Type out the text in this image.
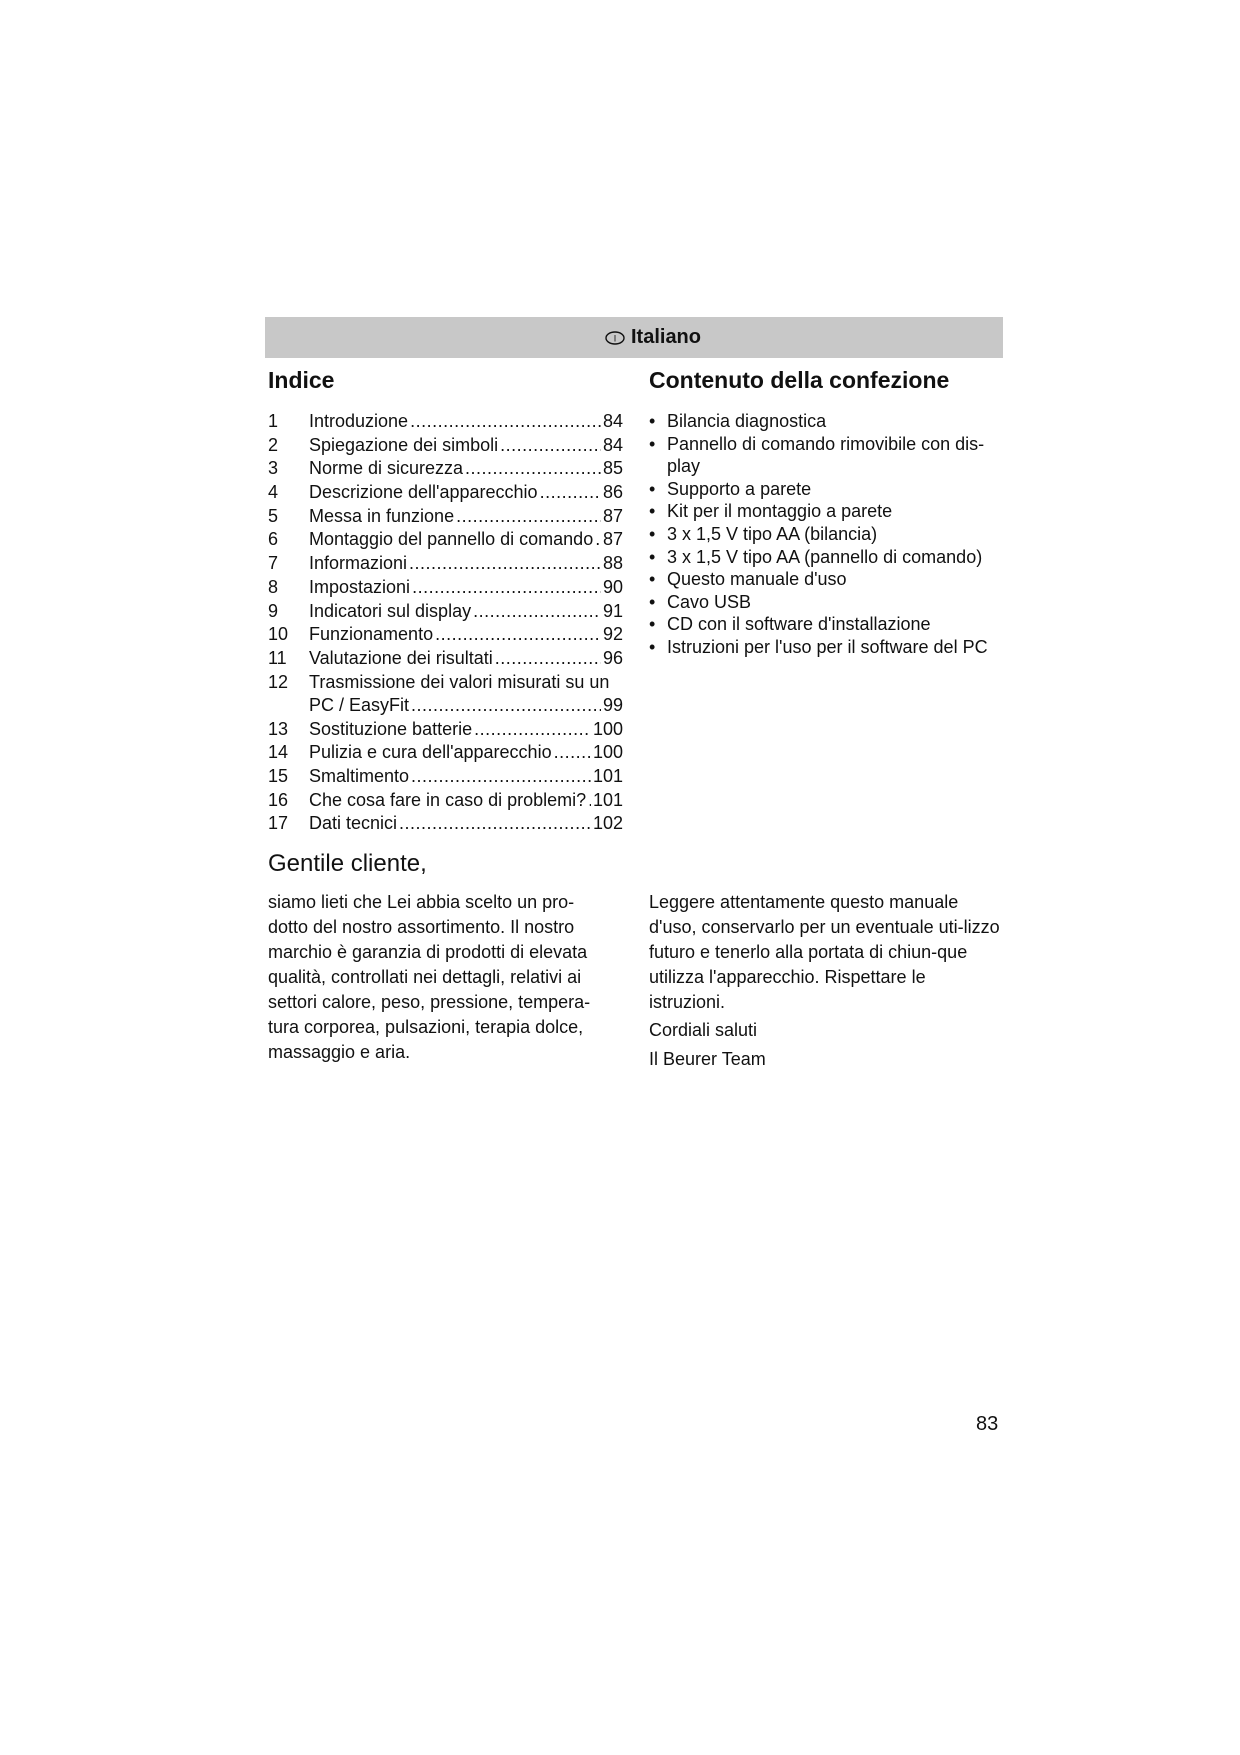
I Italiano
Indice	Contenuto della confezione
1 Introduzione .....	84
2 Spiegazione dei simboli .....	84
3 Norme di sicurezza .....	85
4 Descrizione dell'apparecchio .....	86
5 Messa in funzione .....	87
6 Montaggio del pannello di comando ..... 87
7 Informazioni .....	88
8 Impostazioni .....	90
9 Indicatori sul display .....	91
10 Funzionamento .....	92
11 Valutazione dei risultati .....	96
12 Trasmissione dei valori misurati su un
PC / EasyFit .....	99
13 Sostituzione batterie .....	100
14 Pulizia e cura dell'apparecchio ..... 100
15 Smaltimento .....	101
16 Che cosa fare in caso di problemi? ..... 101
17 Dati tecnici .....	102
• Bilancia diagnostica
• Pannello di comando rimovibile con dis-play
• Supporto a parete
• Kit per il montaggio a parete
• 3 x 1,5 V tipo AA (bilancia)
• 3 x 1,5 V tipo AA (pannello di comando)
• Questo manuale d'uso
• Cavo USB
• CD con il software d'installazione
• Istruzioni per l'uso per il software del PC
Gentile cliente,

siamo lieti che Lei abbia scelto un pro-dotto del nostro assortimento. Il nostro marchio è garanzia di prodotti di elevata qualità, controllati nei dettagli, relativi ai settori calore, peso, pressione, tempera-tura corporea, pulsazioni, terapia dolce, massaggio e aria.

Leggere attentamente questo manuale d'uso, conservarlo per un eventuale uti-lizzo futuro e tenerlo alla portata di chiun-que utilizza l'apparecchio. Rispettare le istruzioni.

Cordiali saluti

Il Beurer Team

83
